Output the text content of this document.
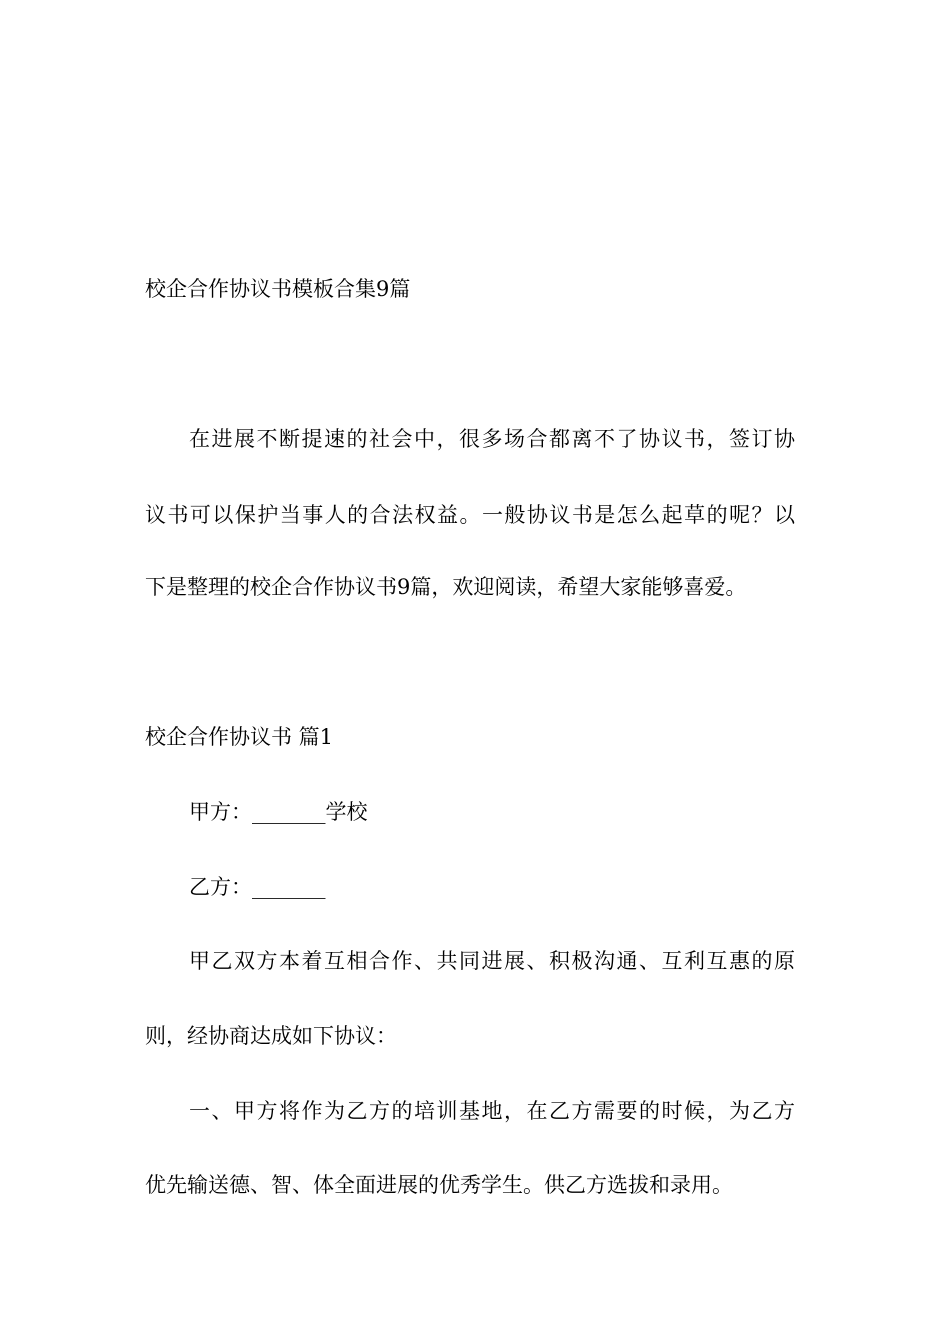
校企合作协议书模板合集9篇

在进展不断提速的社会中，很多场合都离不了协议书，签订协

议书可以保护当事人的合法权益。一般协议书是怎么起草的呢？以

下是整理的校企合作协议书9篇，欢迎阅读，希望大家能够喜爱。

校企合作协议书 篇1

甲方：_______学校

乙方：_______

甲乙双方本着互相合作、共同进展、积极沟通、互利互惠的原

则，经协商达成如下协议：

一、甲方将作为乙方的培训基地，在乙方需要的时候，为乙方

优先输送德、智、体全面进展的优秀学生。供乙方选拔和录用。
